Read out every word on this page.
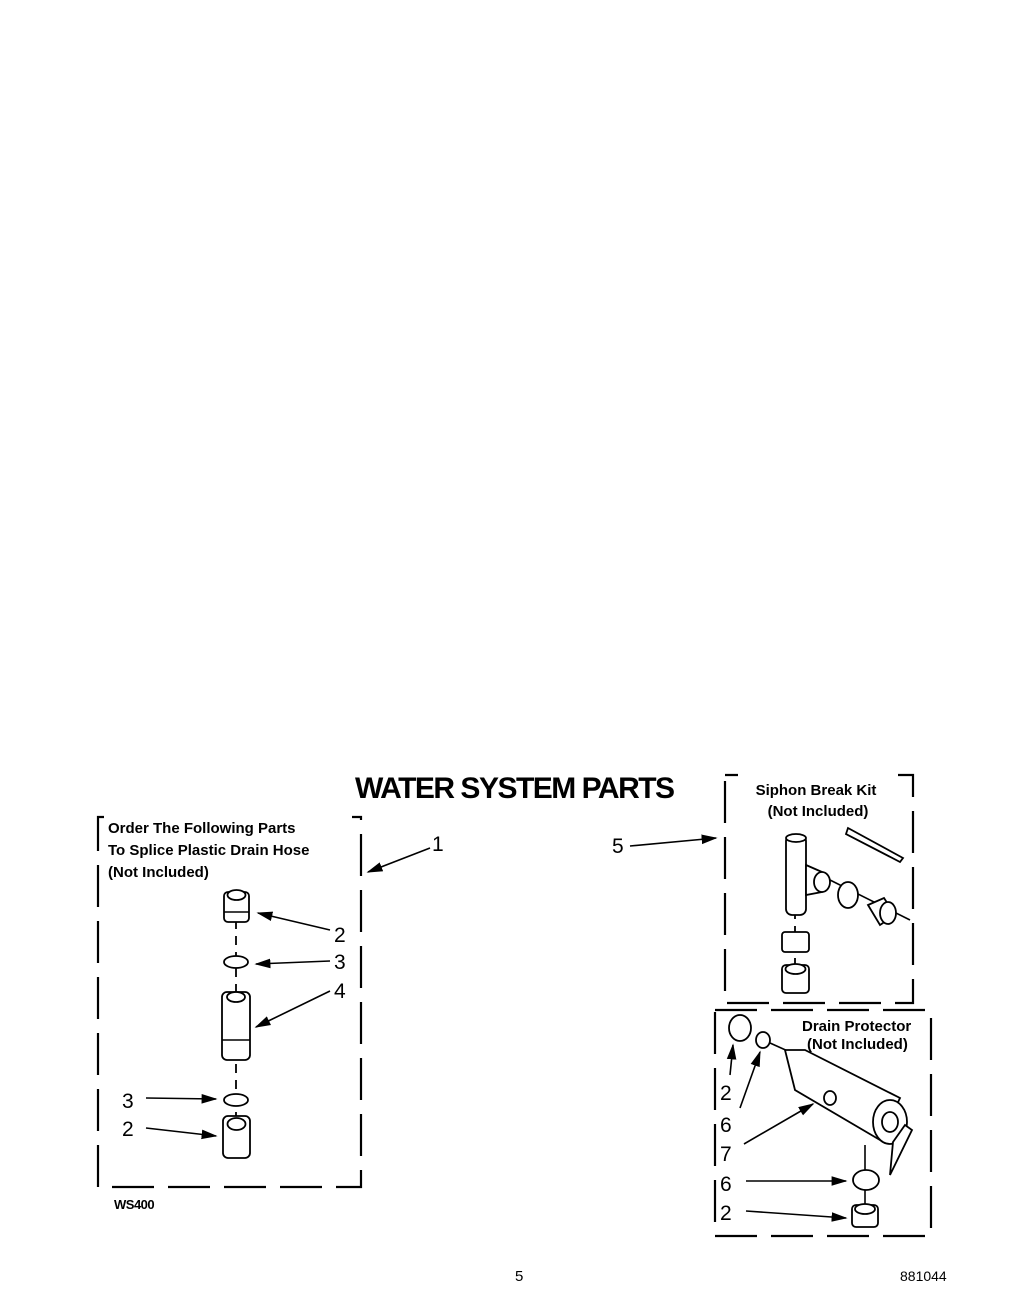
WATER SYSTEM PARTS
Order The Following Parts
To Splice Plastic Drain Hose
(Not Included)
1
2
3
4
3
2
WS400
Siphon Break Kit
(Not Included)
5
Drain Protector
(Not Included)
2
6
7
6
2
5	881044
